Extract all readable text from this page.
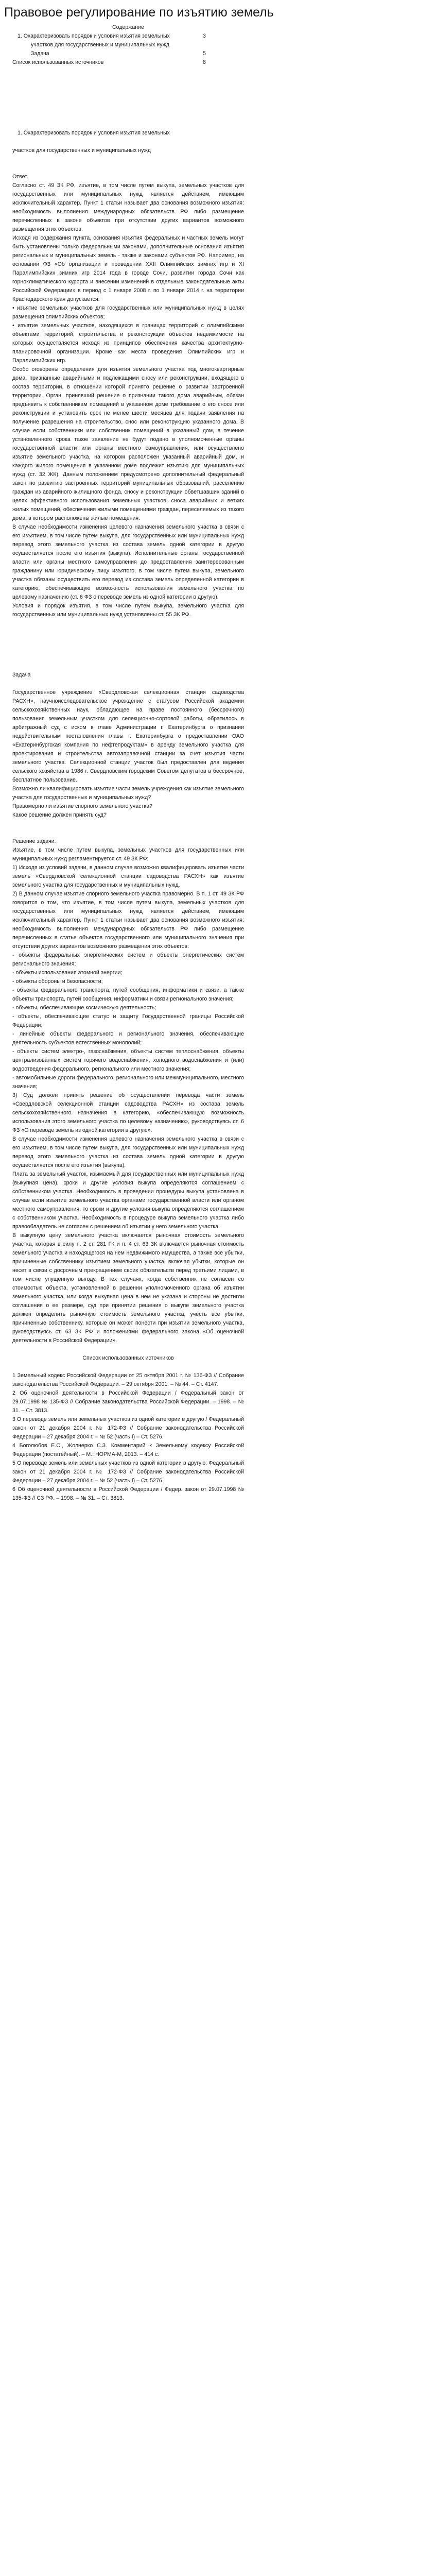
Правовое регулирование по изъятию земель

Содержание

1. Охарактеризовать порядок и условия изъятия земельных	3
участков для государственных и муниципальных нужд
Задача	5
Список использованных источников	8

1. Охарактеризовать порядок и условия изъятия земельных

участков для государственных и муниципальных нужд

Ответ.

Согласно ст. 49 ЗК РФ, изъятие, в том числе путем выкупа, земельных участков для государственных или муниципальных нужд является действием, имеющим исключительный характер. Пункт 1 статьи называет два основания возможного изъятия: необходимость выполнения международных обязательств РФ либо размещение перечисленных в законе объектов при отсутствии других вариантов возможного размещения этих объектов.

Исходя из содержания пункта, основания изъятия федеральных и частных земель могут быть установлены только федеральными законами, дополнительные основания изъятия региональных и муниципальных земель - также и законами субъектов РФ. Например, на основании ФЗ «Об организации и проведении XXII Олимпийских зимних игр и XI Паралимпийских зимних игр 2014 года в городе Сочи, развитии города Сочи как горноклиматического курорта и внесении изменений в отдельные законодательные акты Российской Федерации» в период с 1 января 2008 г. по 1 января 2014 г. на территории Краснодарского края допускается:

• изъятие земельных участков для государственных или муниципальных нужд в целях размещения олимпийских объектов;

• изъятие земельных участков, находящихся в границах территорий с олимпийскими объектами территорий, строительства и реконструкции объектов недвижимости на которых осуществляется исходя из принципов обеспечения качества архитектурно-планировочной организации. Кроме как места проведения Олимпийских игр и Паралимпийских игр.

Особо оговорены определения для изъятия земельного участка под многоквартирные дома, признанные аварийными и подлежащими сносу или реконструкции, входящего в состав территории, в отношении которой принято решение о развитии застроенной территории. Орган, принявший решение о признании такого дома аварийным, обязан предъявить к собственникам помещений в указанном доме требование о его сносе или реконструкции и установить срок не менее шести месяцев для подачи заявления на получение разрешения на строительство, снос или реконструкцию указанного дома. В случае если собственники или собственник помещений в указанный дом, в течение установленного срока такое заявление не будут подано в уполномоченные органы государственной власти или органы местного самоуправления, или осуществлено изъятие земельного участка, на котором расположен указанный аварийный дом, и каждого жилого помещения в указанном доме подлежит изъятию для муниципальных нужд (ст. 32 ЖК). Данным положением предусмотрено дополнительный федеральный закон по развитию застроенных территорий муниципальных образований, расселению граждан из аварийного жилищного фонда, сносу и реконструкции обветшавших зданий в целях эффективного использования земельных участков, сноса аварийных и ветхих жилых помещений, обеспечения жилыми помещениями граждан, переселяемых из такого дома, в котором расположены жилые помещения.

В случае необходимости изменения целевого назначения земельного участка в связи с его изъятием, в том числе путем выкупа, для государственных или муниципальных нужд перевод этого земельного участка из состава земель одной категории в другую осуществляется после его изъятия (выкупа). Исполнительные органы государственной власти или органы местного самоуправления до предоставления заинтересованным гражданину или юридическому лицу изъятого, в том числе путем выкупа, земельного участка обязаны осуществить его перевод из состава земель определенной категории в категорию, обеспечивающую возможность использования земельного участка по целевому назначению (ст. 6 ФЗ о переводе земель из одной категории в другую).

Условия и порядок изъятия, в том числе путем выкупа, земельного участка для государственных или муниципальных нужд установлены ст. 55 ЗК РФ.

Задача

Государственное учреждение «Свердловская селекционная станция садоводства РАСХН», научноисследовательское учреждение с статусом Российской академии сельскохозяйственных наук, обладающее на праве постоянного (бессрочного) пользования земельным участком для селекционно-сортовой работы, обратилось в арбитражный суд с иском к главе Администрации г. Екатеринбурга о признании недействительным постановления главы г. Екатеринбурга о предоставлении ОАО «Екатеринбургская компания по нефтепродуктам» в аренду земельного участка для проектирования и строительства автозаправочной станции за счет изъятия части земельного участка. Селекционной станции участок был предоставлен для ведения сельского хозяйства в 1986 г. Свердловским городским Советом депутатов в бессрочное, бесплатное пользование.

Возможно ли квалифицировать изъятие части земель учреждения как изъятие земельного участка для государственных и муниципальных нужд?

Правомерно ли изъятие спорного земельного участка?

Какое решение должен принять суд?

Решение задачи.

Изъятие, в том числе путем выкупа, земельных участков для государственных или муниципальных нужд регламентируется ст. 49 ЗК РФ:

1) Исходя из условий задачи, в данном случае возможно квалифицировать изъятие части земель «Свердловской селекционной станции садоводства РАСХН» как изъятие земельного участка для государственных и муниципальных нужд.

2) В данном случае изъятие спорного земельного участка правомерно. В п. 1 ст. 49 ЗК РФ говорится о том, что изъятие, в том числе путем выкупа, земельных участков для государственных или муниципальных нужд является действием, имеющим исключительный характер. Пункт 1 статьи называет два основания возможного изъятия: необходимость выполнения международных обязательств РФ либо размещение перечисленных в статье объектов государственного или муниципального значения при отсутствии других вариантов возможного размещения этих объектов:

- объекты федеральных энергетических систем и объекты энергетических систем регионального значения;

- объекты использования атомной энергии;

- объекты обороны и безопасности;

- объекты федерального транспорта, путей сообщения, информатики и связи, а также объекты транспорта, путей сообщения, информатики и связи регионального значения;

- объекты, обеспечивающие космическую деятельность;

- объекты, обеспечивающие статус и защиту Государственной границы Российской Федерации;

- линейные объекты федерального и регионального значения, обеспечивающие деятельность субъектов естественных монополий;

- объекты систем электро-, газоснабжения, объекты систем теплоснабжения, объекты централизованных систем горячего водоснабжения, холодного водоснабжения и (или) водоотведения федерального, регионального или местного значения;

- автомобильные дороги федерального, регионального или межмуниципального, местного значения;

3) Суд должен принять решение об осуществлении перевода части земель «Свердловской селекционной станции садоводства РАСХН» из состава земель сельскохозяйственного назначения в категорию, «обеспечивающую возможность использования этого земельного участка по целевому назначению», руководствуясь ст. 6 ФЗ «О переводе земель из одной категории в другую».

В случае необходимости изменения целевого назначения земельного участка в связи с его изъятием, в том числе путем выкупа, для государственных или муниципальных нужд перевод этого земельного участка из состава земель одной категории в другую осуществляется после его изъятия (выкупа).

Плата за земельный участок, изымаемый для государственных или муниципальных нужд (выкупная цена), сроки и другие условия выкупа определяются соглашением с собственником участка. Необходимость в проведении процедуры выкупа установлена в случае если изъятие земельного участка органами государственной власти или органом местного самоуправления, то сроки и другие условия выкупа определяются соглашением с собственником участка. Необходимость в процедуре выкупа земельного участка либо правообладатель не согласен с решением об изъятии у него земельного участка.

В выкупную цену земельного участка включается рыночная стоимость земельного участка, которая в силу п. 2 ст. 281 ГК и п. 4 ст. 63 ЗК включается рыночная стоимость земельного участка и находящегося на нем недвижимого имущества, а также все убытки, причиненные собственнику изъятием земельного участка, включая убытки, которые он несет в связи с досрочным прекращением своих обязательств перед третьими лицами, в том числе упущенную выгоду. В тех случаях, когда собственник не согласен со стоимостью объекта, установленной в решении уполномоченного органа об изъятии земельного участка, или когда выкупная цена в нем не указана и стороны не достигли соглашения о ее размере, суд при принятии решения о выкупе земельного участка должен определить рыночную стоимость земельного участка, учесть все убытки, причиненные собственнику, которые он может понести при изъятии земельного участка, руководствуясь ст. 63 ЗК РФ и положениями федерального закона «Об оценочной деятельности в Российской Федерации».

Список использованных источников

1 Земельный кодекс Российской Федерации от 25 октября 2001 г. № 136-ФЗ // Собрание законодательства Российской Федерации. – 29 октября 2001. – № 44. – Ст. 4147.

2 Об оценочной деятельности в Российской Федерации / Федеральный закон от 29.07.1998 № 135-ФЗ // Собрание законодательства Российской Федерации. – 1998. – № 31. – Ст. 3813.

3 О переводе земель или земельных участков из одной категории в другую / Федеральный закон от 21 декабря 2004 г. № 172-ФЗ // Собрание законодательства Российской Федерации – 27 декабря 2004 г. – № 52 (часть I) – Ст. 5276.

4 Боголюбов Е.С., Жолнерко С.З. Комментарий к Земельному кодексу Российской Федерации (постатейный). – М.: НОРМА-М, 2013. – 414 с.

5 О переводе земель или земельных участков из одной категории в другую: Федеральный закон от 21 декабря 2004 г. № 172-ФЗ // Собрание законодательства Российской Федерации – 27 декабря 2004 г. – № 52 (часть I) – Ст. 5276.

6 Об оценочной деятельности в Российской Федерации / Федер. закон от 29.07.1998 № 135-ФЗ // СЗ РФ. – 1998. – № 31. – Ст. 3813.
